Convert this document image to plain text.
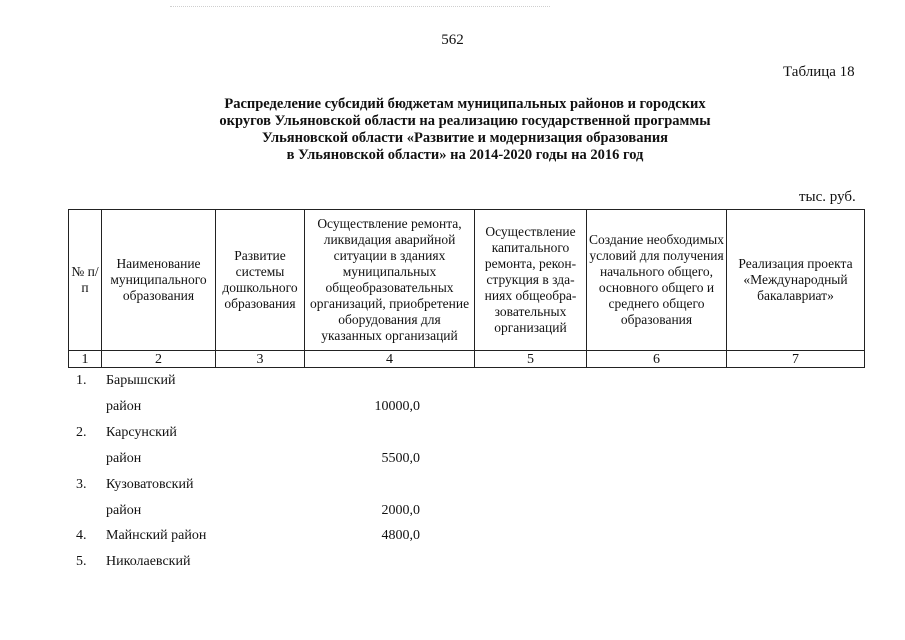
562
Таблица 18
Распределение субсидий бюджетам муниципальных районов и городских
округов Ульяновской области на реализацию государственной программы
Ульяновской области «Развитие и модернизация образования
в Ульяновской области» на 2014-2020 годы на 2016 год
тыс. руб.
№ п/п	Наименование муниципального образования	Развитие системы дошкольного образования	Осуществление ремонта, ликвидация аварийной ситуации в зданиях муниципальных общеобразовательных организаций, приобретение оборудования для указанных организаций	Осуществление капитального ремонта, реконструкция в зданиях общеобразовательных организаций	Создание необходимых условий для получения начального общего, основного общего и среднего общего образования	Реализация проекта «Международный бакалавриат»
1	2	3	4	5	6	7
1. Барышский
район	10000,0
2. Карсунский
район	5500,0
3. Кузоватовский
район	2000,0
4. Майнский район	4800,0
5. Николаевский
